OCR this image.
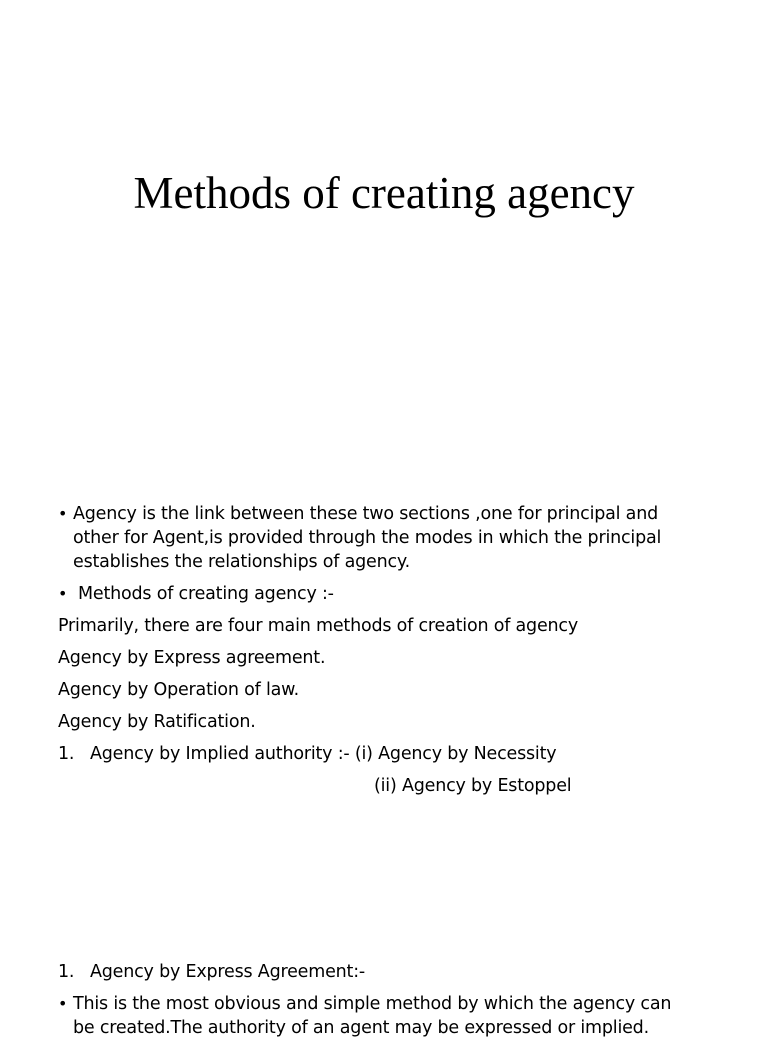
Methods of creating agency
• Agency is the link between these two sections ,one for principal and

other for Agent,is provided through the modes in which the principal

establishes the relationships of agency.

• Methods of creating agency :-

Primarily, there are four main methods of creation of agency

Agency by Express agreement.

Agency by Operation of law.

Agency by Ratification.

1. Agency by Implied authority :- (i) Agency by Necessity

(ii) Agency by Estoppel

1. Agency by Express Agreement:-

• This is the most obvious and simple method by which the agency can

be created.The authority of an agent may be expressed or implied.
